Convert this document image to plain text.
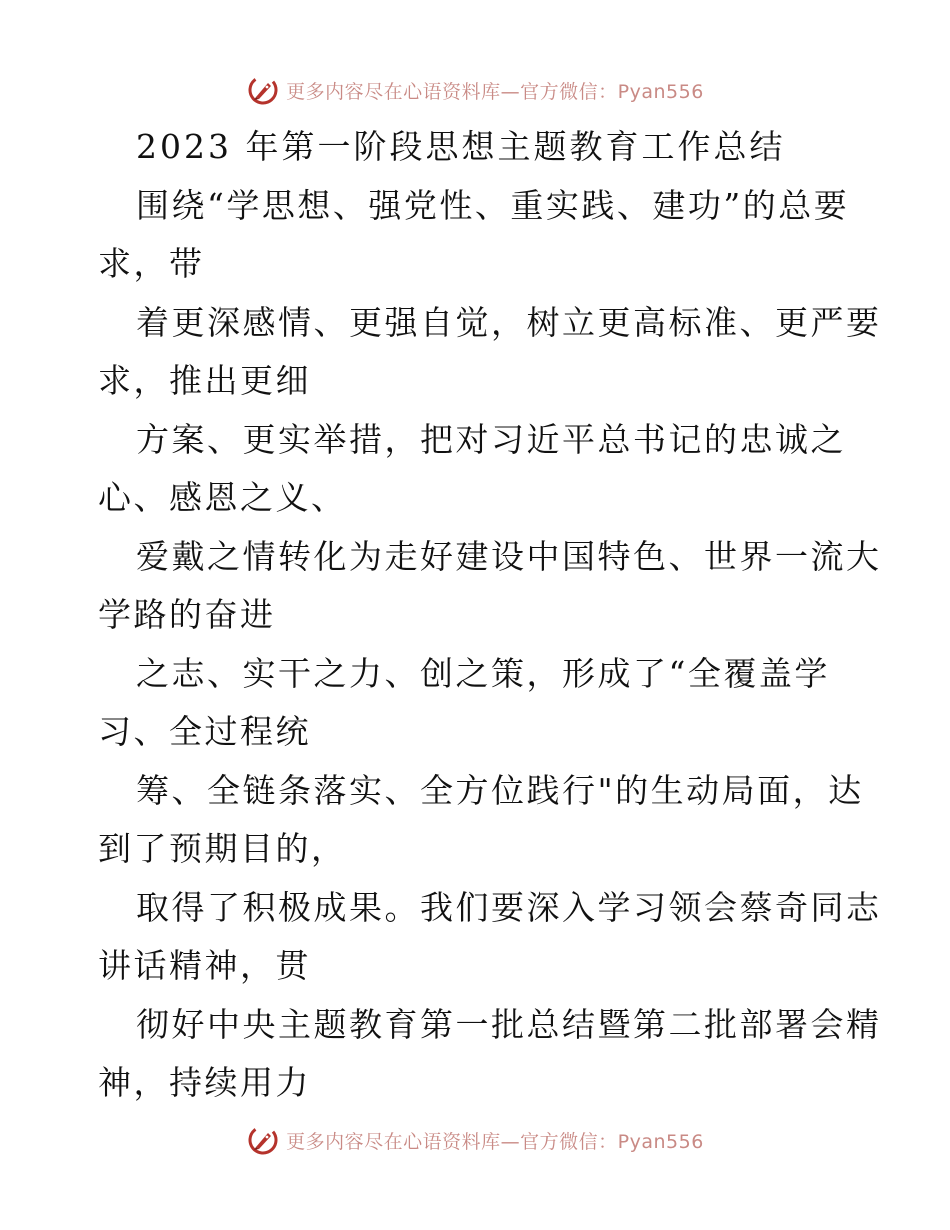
更多内容尽在心语资料库—官方微信：Pyan556
2023 年第一阶段思想主题教育工作总结
围绕“学思想、强党性、重实践、建功”的总要
求，带
着更深感情、更强自觉，树立更高标准、更严要
求，推出更细
方案、更实举措，把对习近平总书记的忠诚之
心、感恩之义、
爱戴之情转化为走好建设中国特色、世界一流大
学路的奋进
之志、实干之力、创之策，形成了“全覆盖学
习、全过程统
筹、全链条落实、全方位践行"的生动局面，达
到了预期目的，
取得了积极成果。我们要深入学习领会蔡奇同志
讲话精神，贯
彻好中央主题教育第一批总结暨第二批部署会精
神，持续用力
更多内容尽在心语资料库—官方微信：Pyan556
